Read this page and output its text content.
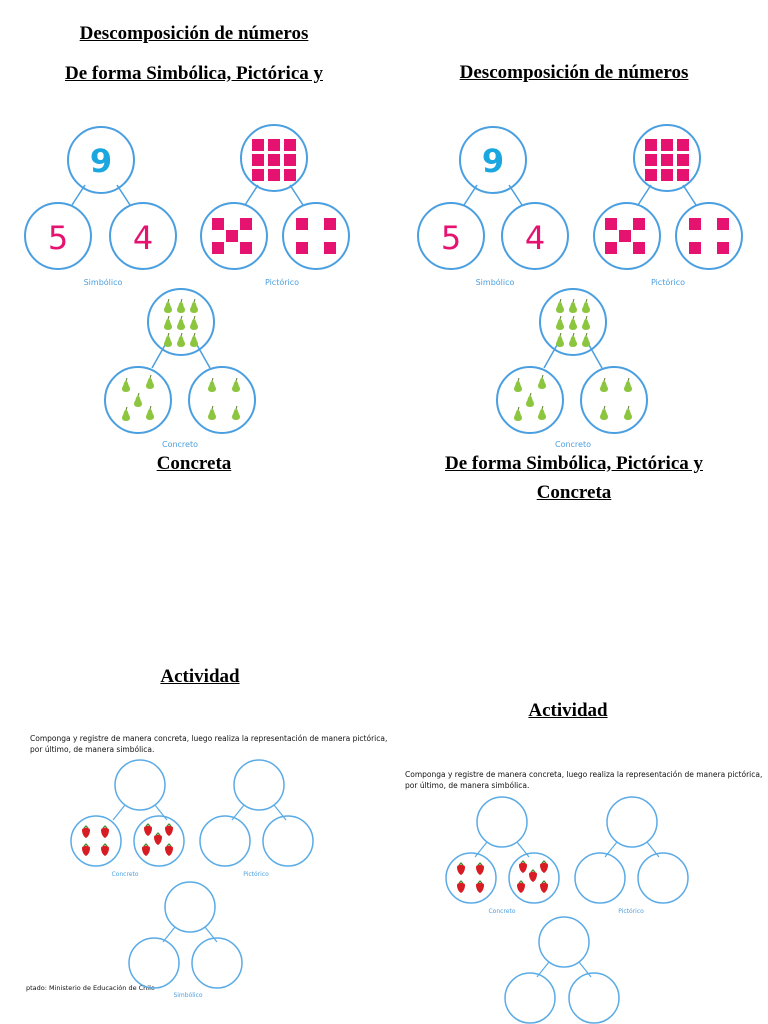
Descomposición de números
De forma Simbólica, Pictórica y
Concreta
Actividad
Descomposición de números
De forma Simbólica, Pictórica y
Concreta
Actividad
Componga y registre de manera concreta, luego realiza la representación de manera pictórica,
por último, de manera simbólica.
ptado: Ministerio de Educación de Chile
Componga y registre de manera concreta, luego realiza la representación de manera pictórica,
por último, de manera simbólica.
9
5 4
Simbólico	Pictórico
Concreto
9
5 4
Simbólico	Pictórico
Concreto
Concreto	Pictórico
Simbólico
Concreto	Pictórico
